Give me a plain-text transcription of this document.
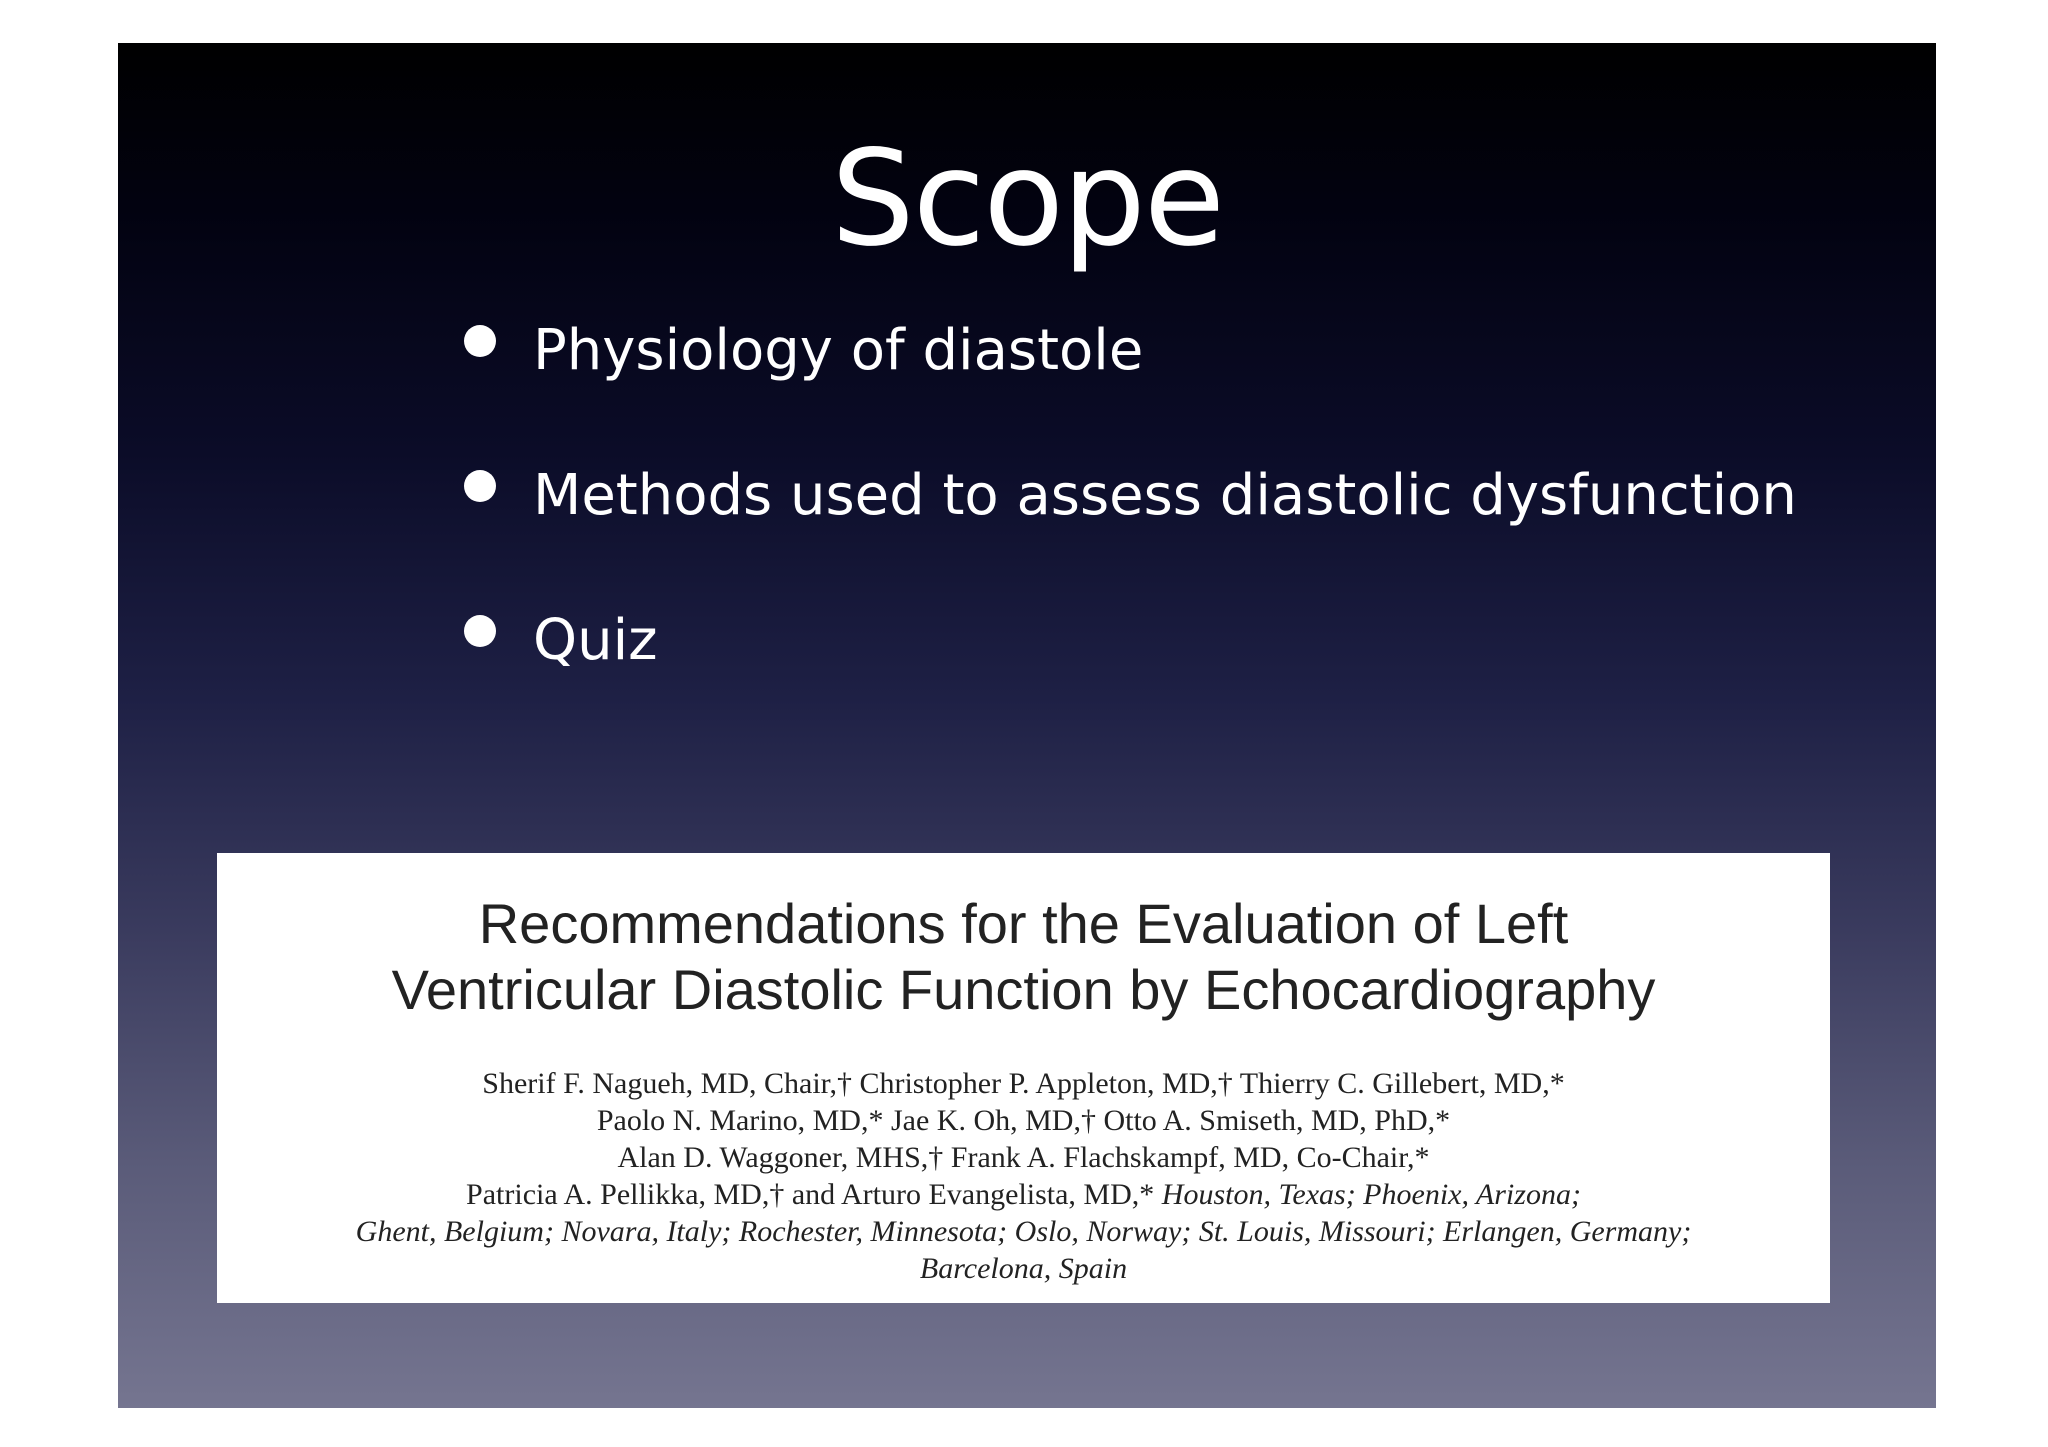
Scope
Physiology of diastole
Methods used to assess diastolic dysfunction
Quiz
Recommendations for the Evaluation of Left
Ventricular Diastolic Function by Echocardiography
Sherif F. Nagueh, MD, Chair,† Christopher P. Appleton, MD,† Thierry C. Gillebert, MD,*
Paolo N. Marino, MD,* Jae K. Oh, MD,† Otto A. Smiseth, MD, PhD,*
Alan D. Waggoner, MHS,† Frank A. Flachskampf, MD, Co-Chair,*
Patricia A. Pellikka, MD,† and Arturo Evangelista, MD,* Houston, Texas; Phoenix, Arizona;
Ghent, Belgium; Novara, Italy; Rochester, Minnesota; Oslo, Norway; St. Louis, Missouri; Erlangen, Germany;
Barcelona, Spain
